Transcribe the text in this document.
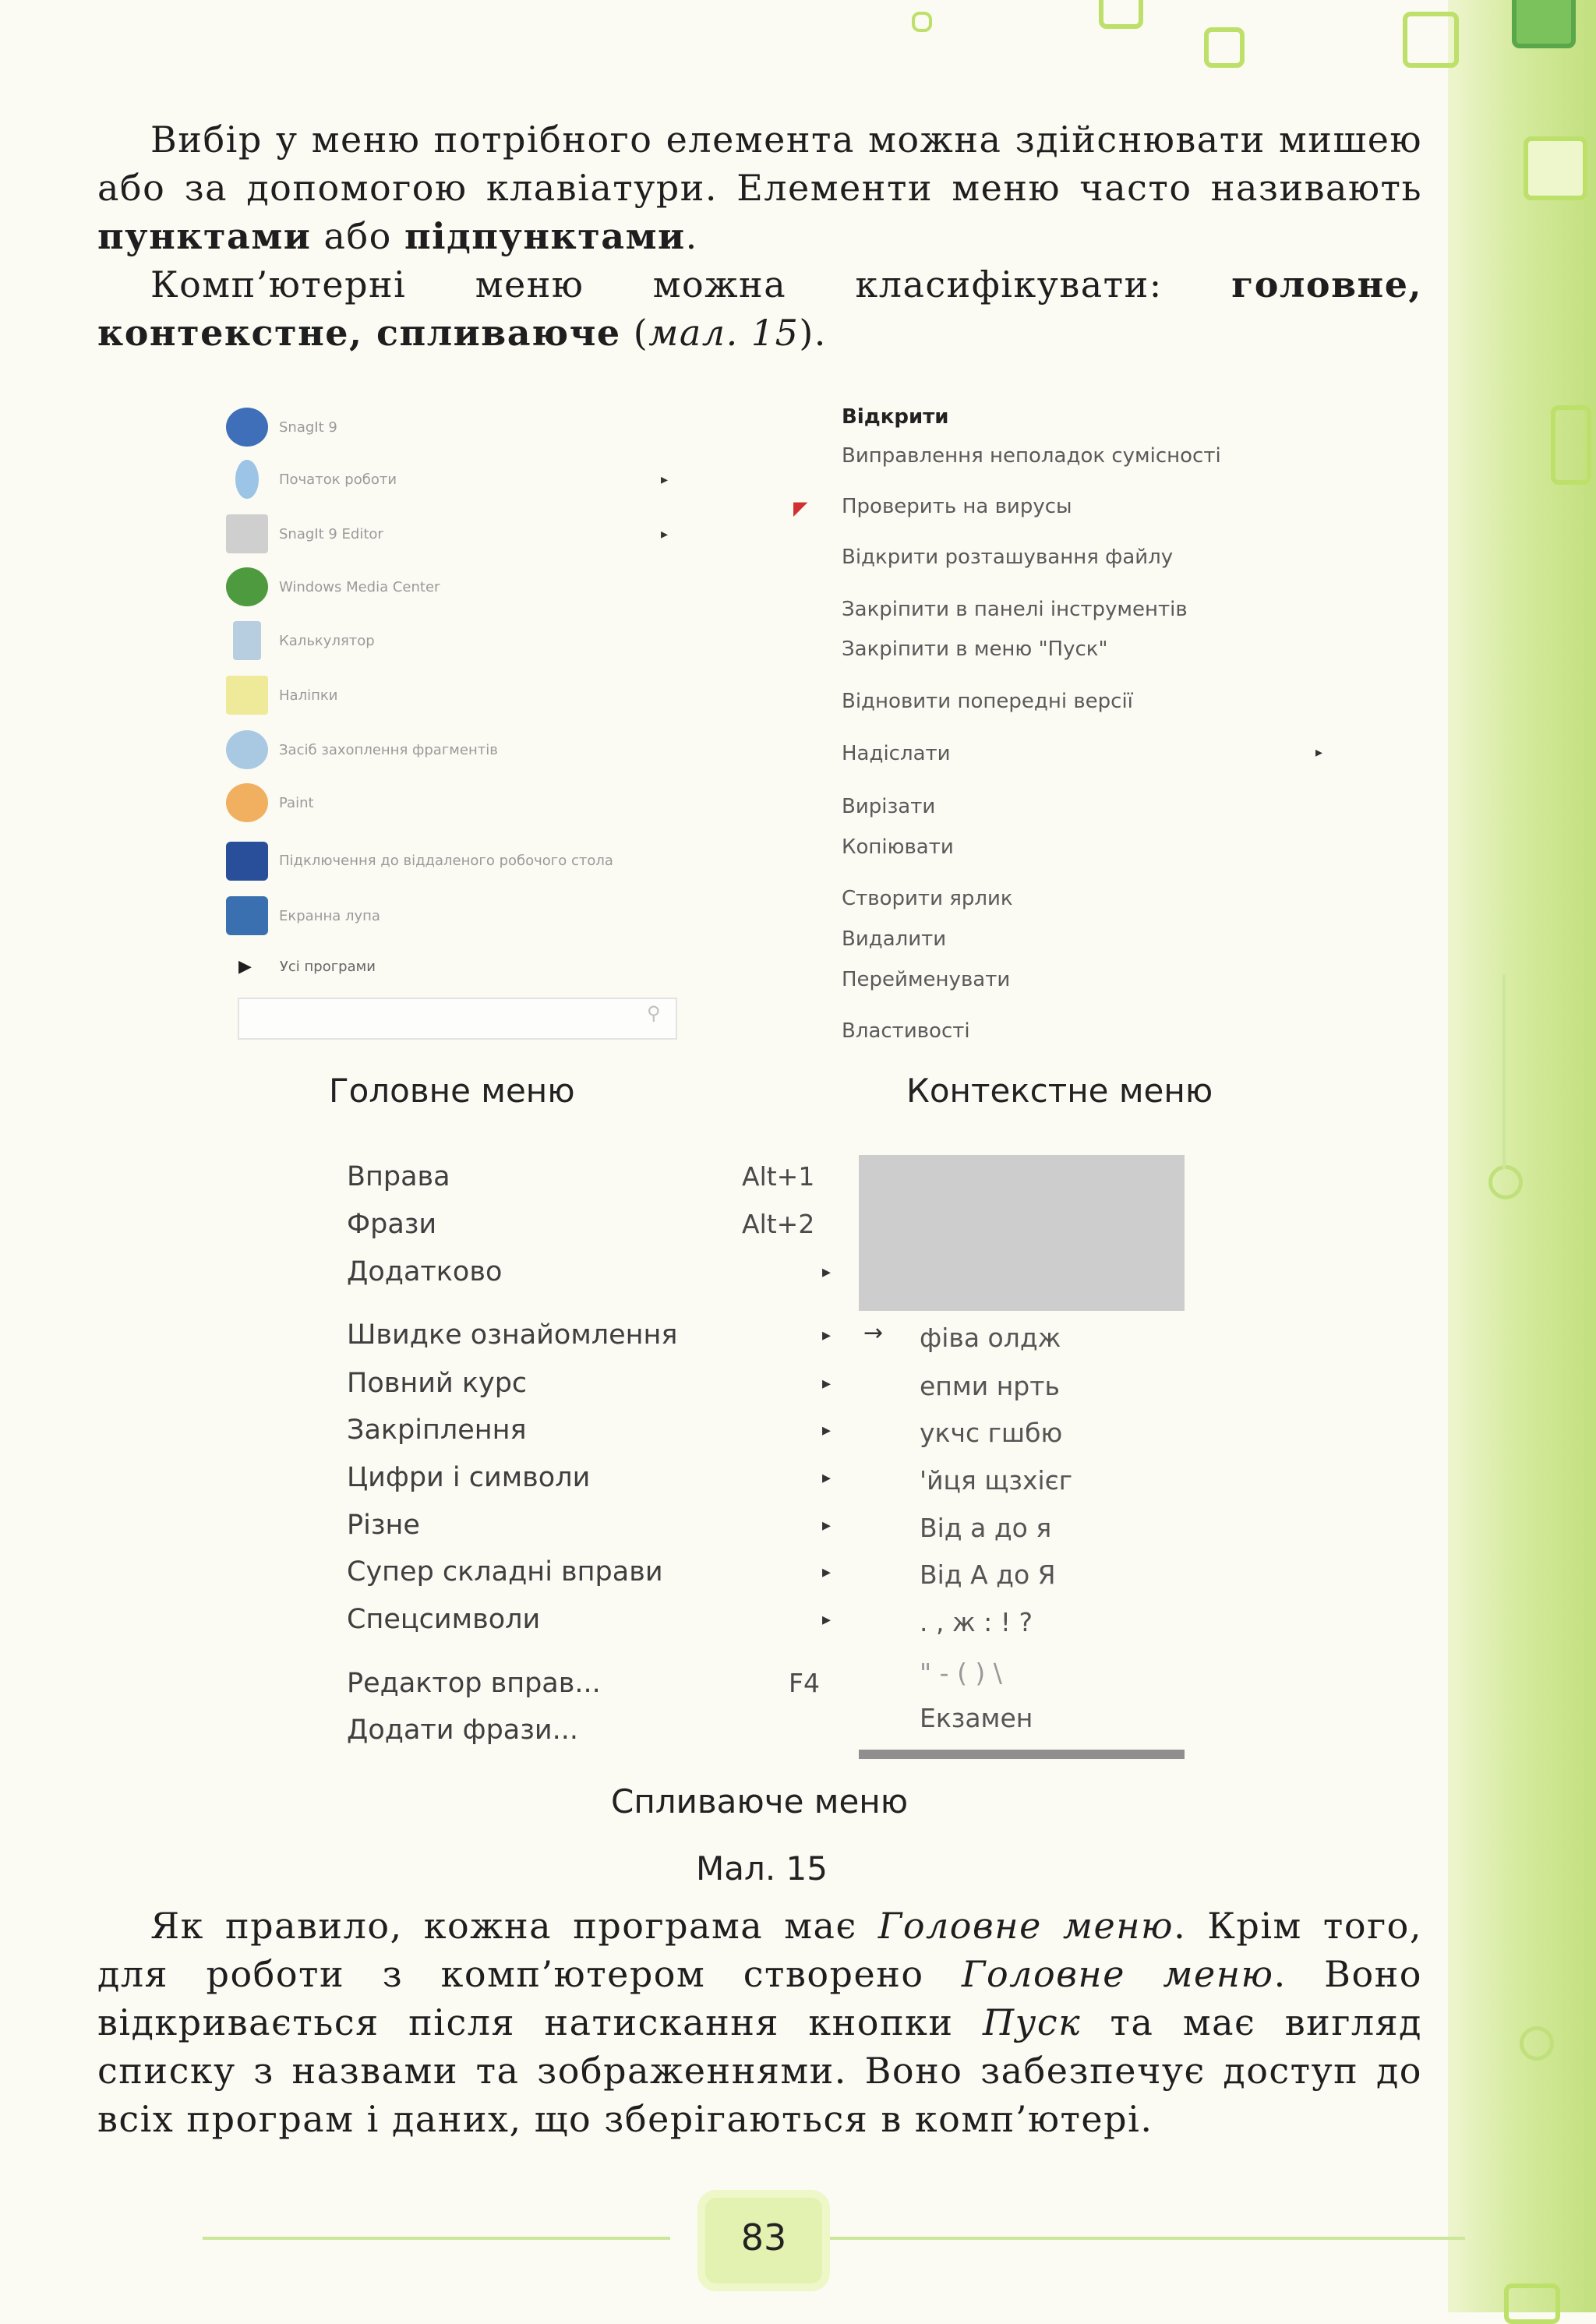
Вибір у меню потрібного елемента можна здійснювати мишею або за допомогою клавіатури. Елементи меню часто називають пунктами або підпунктами.

Комп’ютерні меню можна класифікувати: головне, контекстне, спливаюче (мал. 15).

SnagIt 9
Початок роботи	▸
SnagIt 9 Editor	▸
Windows Media Center
Калькулятор
Наліпки
Засіб захоплення фрагментів
Paint
Підключення до віддаленого робочого стола
Екранна лупа
▶ Усі програми
⚲
Відкрити
Виправлення неполадок сумісності
◤ Проверить на вирусы
Відкрити розташування файлу
Закріпити в панелі інструментів
Закріпити в меню "Пуск"
Відновити попередні версії
Надіслати	▸
Вирізати
Копіювати
Створити ярлик
Видалити
Перейменувати
Властивості
Головне меню	Контекстне меню
Вправа	Alt+1
Фрази	Alt+2
Додатково	▸
Швидке ознайомлення	▸
Повний курс	▸
Закріплення	▸
Цифри і символи	▸
Різне	▸
Супер складні вправи	▸
Спецсимволи	▸
Редактор вправ...	F4
Додати фрази...
→ фіва олдж
епми нрть
укчс гшбю
'йця щзхієг
Від а до я
Від А до Я
. , ж : ! ?
" - ( ) \
Екзамен
Спливаюче меню
Мал. 15

Як правило, кожна програма має Головне меню. Крім того, для роботи з комп’ютером створено Головне меню. Воно відкривається після натискання кнопки Пуск та має вигляд списку з назвами та зображеннями. Воно забезпечує доступ до всіх програм і даних, що зберігаються в комп’ютері.

83
